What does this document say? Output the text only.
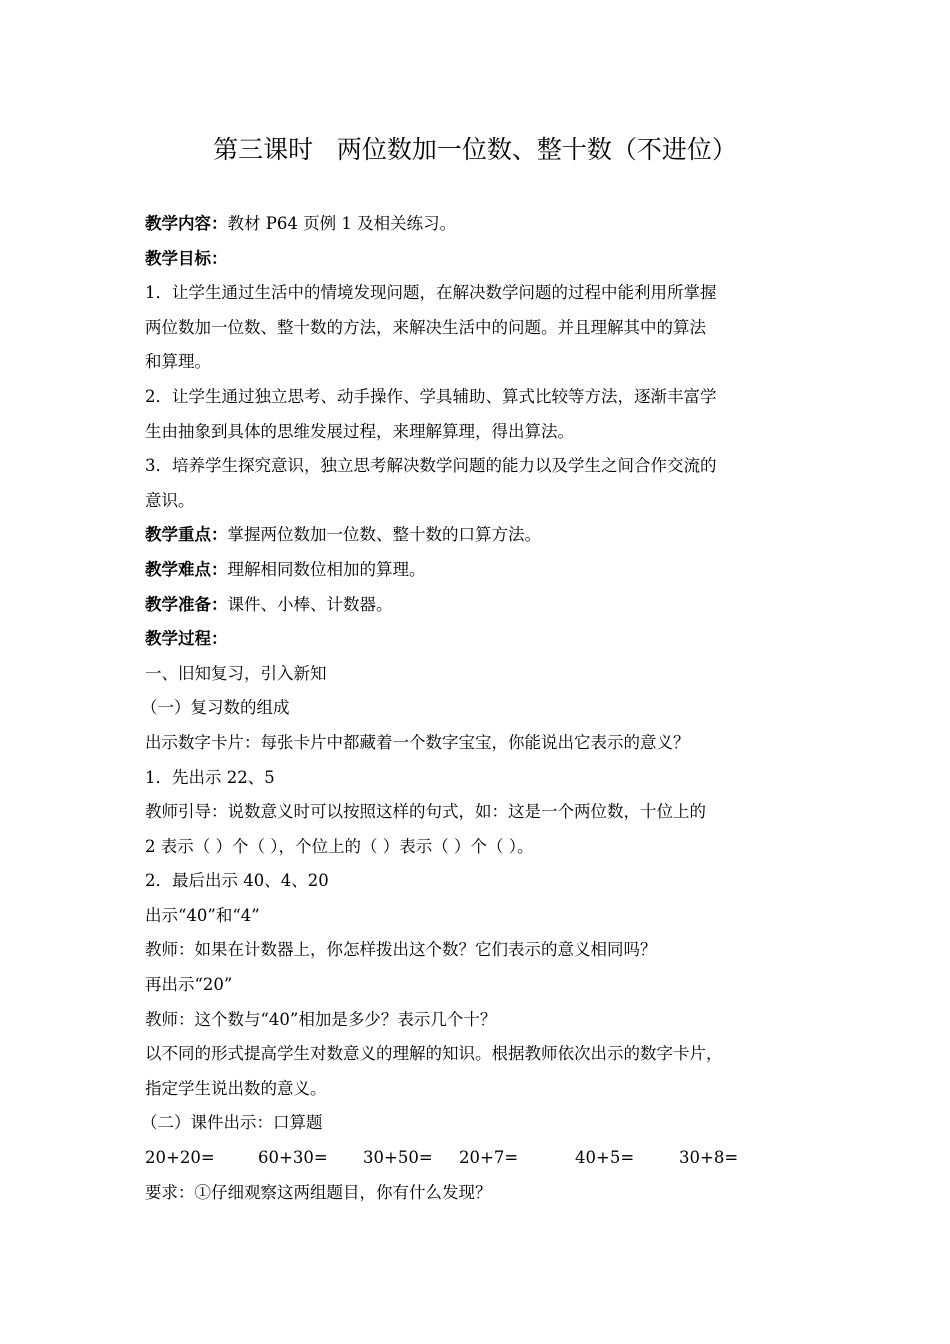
第三课时   两位数加一位数、整十数（不进位）
教学内容：教材 P64 页例 1 及相关练习。
教学目标：
1．让学生通过生活中的情境发现问题，在解决数学问题的过程中能利用所掌握
两位数加一位数、整十数的方法，来解决生活中的问题。并且理解其中的算法
和算理。
2．让学生通过独立思考、动手操作、学具辅助、算式比较等方法，逐渐丰富学
生由抽象到具体的思维发展过程，来理解算理，得出算法。
3．培养学生探究意识，独立思考解决数学问题的能力以及学生之间合作交流的
意识。
教学重点：掌握两位数加一位数、整十数的口算方法。
教学难点：理解相同数位相加的算理。
教学准备：课件、小棒、计数器。
教学过程：
一、旧知复习，引入新知
（一）复习数的组成
出示数字卡片：每张卡片中都藏着一个数字宝宝，你能说出它表示的意义？
1．先出示 22、5
教师引导：说数意义时可以按照这样的句式，如：这是一个两位数，十位上的
2 表示（ ）个（ ），个位上的（ ）表示（ ）个（ ）。
2．最后出示 40、4、20
出示“40”和“4”
教师：如果在计数器上，你怎样拨出这个数？它们表示的意义相同吗？
再出示“20”
教师：这个数与“40”相加是多少？表示几个十？
以不同的形式提高学生对数意义的理解的知识。根据教师依次出示的数字卡片，
指定学生说出数的意义。
（二）课件出示：口算题
20+20=	60+30= 30+50= 20+7=	40+5=	30+8=
要求：①仔细观察这两组题目，你有什么发现？
